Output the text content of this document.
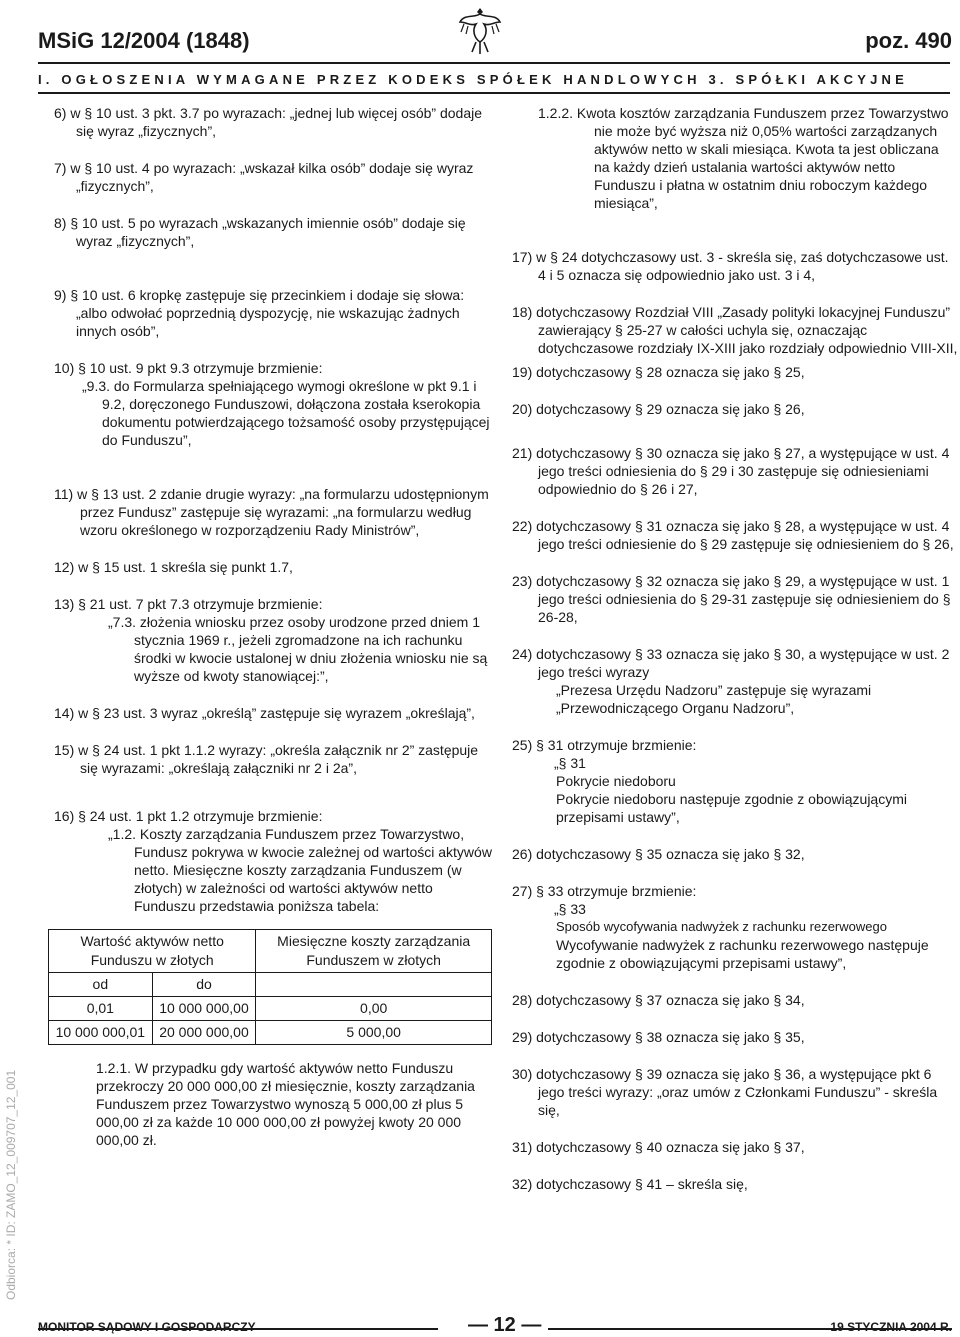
MSiG 12/2004 (1848)	poz. 490
I. OGŁOSZENIA WYMAGANE PRZEZ KODEKS SPÓŁEK HANDLOWYCH 3. SPÓŁKI AKCYJNE
Odbiorca: * ID: ZAMO_12_009707_12_001

6) w § 10 ust. 3 pkt. 3.7 po wyrazach: „jednej lub więcej osób” dodaje się wyraz „fizycznych”,

7) w § 10 ust. 4 po wyrazach: „wskazał kilka osób” dodaje się wyraz „fizycznych”,

8) § 10 ust. 5 po wyrazach „wskazanych imiennie osób” dodaje się wyraz „fizycznych”,

9) § 10 ust. 6 kropkę zastępuje się przecinkiem i dodaje się słowa: „albo odwołać poprzednią dyspozycję, nie wskazując żadnych innych osób”,

10) § 10 ust. 9 pkt 9.3 otrzymuje brzmienie:

„9.3. do Formularza spełniającego wymogi określone w pkt 9.1 i 9.2, doręczonego Funduszowi, dołączona została kserokopia dokumentu potwierdzającego tożsamość osoby przystępującej do Funduszu”,

11) w § 13 ust. 2 zdanie drugie wyrazy: „na formularzu udostępnionym przez Fundusz” zastępuje się wyrazami: „na formularzu według wzoru określonego w rozporządzeniu Rady Ministrów”,

12) w § 15 ust. 1 skreśla się punkt 1.7,

13) § 21 ust. 7 pkt 7.3 otrzymuje brzmienie:

„7.3. złożenia wniosku przez osoby urodzone przed dniem 1 stycznia 1969 r., jeżeli zgromadzone na ich rachunku środki w kwocie ustalonej w dniu złożenia wniosku nie są wyższe od kwoty stanowiącej:”,

14) w § 23 ust. 3 wyraz „określą” zastępuje się wyrazem „określają”,

15) w § 24 ust. 1 pkt 1.1.2 wyrazy: „określa załącznik nr 2” zastępuje się wyrazami: „określają załączniki nr 2 i 2a”,

16) § 24 ust. 1 pkt 1.2 otrzymuje brzmienie:

„1.2. Koszty zarządzania Funduszem przez Towarzystwo, Fundusz pokrywa w kwocie zależnej od wartości aktywów netto. Miesięczne koszty zarządzania Funduszem (w złotych) w zależności od wartości aktywów netto Funduszu przedstawia poniższa tabela:

Wartość aktywów netto Funduszu w złotych		Miesięczne koszty zarządzania Funduszem w złotych
od	do	
0,01	10 000 000,00	0,00
10 000 000,01	20 000 000,00	5 000,00

1.2.1. W przypadku gdy wartość aktywów netto Funduszu przekroczy 20 000 000,00 zł miesięcznie, koszty zarządzania Funduszem przez Towarzystwo wynoszą 5 000,00 zł plus 5 000,00 zł za każde 10 000 000,00 zł powyżej kwoty 20 000 000,00 zł.

1.2.2. Kwota kosztów zarządzania Funduszem przez Towarzystwo nie może być wyższa niż 0,05% wartości zarządzanych aktywów netto w skali miesiąca. Kwota ta jest obliczana na każdy dzień ustalania wartości aktywów netto Funduszu i płatna w ostatnim dniu roboczym każdego miesiąca”,

17) w § 24 dotychczasowy ust. 3 - skreśla się, zaś dotychczasowe ust. 4 i 5 oznacza się odpowiednio jako ust. 3 i 4,

18) dotychczasowy Rozdział VIII „Zasady polityki lokacyjnej Funduszu” zawierający § 25-27 w całości uchyla się, oznaczając dotychczasowe rozdziały IX-XIII jako rozdziały odpowiednio VIII-XII,

19) dotychczasowy § 28 oznacza się jako § 25,

20) dotychczasowy § 29 oznacza się jako § 26,

21) dotychczasowy § 30 oznacza się jako § 27, a występujące w ust. 4 jego treści odniesienia do § 29 i 30 zastępuje się odniesieniami odpowiednio do § 26 i 27,

22) dotychczasowy § 31 oznacza się jako § 28, a występujące w ust. 4 jego treści odniesienie do § 29 zastępuje się odniesieniem do § 26,

23) dotychczasowy § 32 oznacza się jako § 29, a występujące w ust. 1 jego treści odniesienia do § 29-31 zastępuje się odniesieniem do § 26-28,

24) dotychczasowy § 33 oznacza się jako § 30, a występujące w ust. 2 jego treści wyrazy

„Prezesa Urzędu Nadzoru” zastępuje się wyrazami

„Przewodniczącego Organu Nadzoru”,

25) § 31 otrzymuje brzmienie:

„§ 31

Pokrycie niedoboru

Pokrycie niedoboru następuje zgodnie z obowiązującymi przepisami ustawy”,

26) dotychczasowy § 35 oznacza się jako § 32,

27) § 33 otrzymuje brzmienie:

„§ 33

Sposób wycofywania nadwyżek z rachunku rezerwowego

Wycofywanie nadwyżek z rachunku rezerwowego następuje zgodnie z obowiązującymi przepisami ustawy”,

28) dotychczasowy § 37 oznacza się jako § 34,

29) dotychczasowy § 38 oznacza się jako § 35,

30) dotychczasowy § 39 oznacza się jako § 36, a występujące pkt 6 jego treści wyrazy: „oraz umów z Członkami Funduszu” - skreśla się,

31) dotychczasowy § 40 oznacza się jako § 37,

32) dotychczasowy § 41 – skreśla się,

MONITOR SĄDOWY I GOSPODARCZY	— 12 —	19 STYCZNIA 2004 R.
